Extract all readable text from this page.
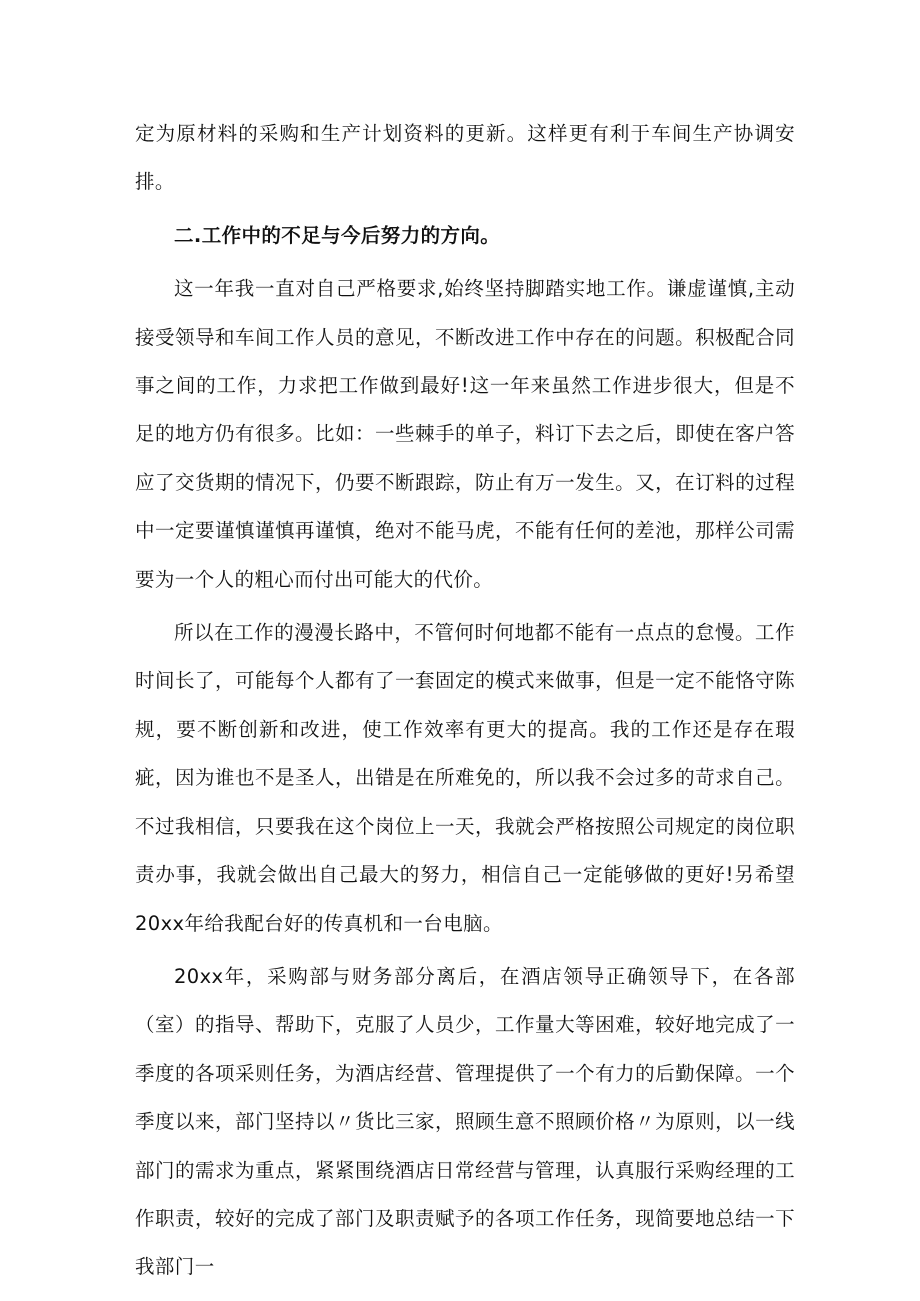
定为原材料的采购和生产计划资料的更新。这样更有利于车间生产协调安排。

二.工作中的不足与今后努力的方向。

这一年我一直对自己严格要求,始终坚持脚踏实地工作。谦虚谨慎,主动接受领导和车间工作人员的意见，不断改进工作中存在的问题。积极配合同事之间的工作，力求把工作做到最好!这一年来虽然工作进步很大，但是不足的地方仍有很多。比如：一些棘手的单子，料订下去之后，即使在客户答应了交货期的情况下，仍要不断跟踪，防止有万一发生。又，在订料的过程中一定要谨慎谨慎再谨慎，绝对不能马虎，不能有任何的差池，那样公司需要为一个人的粗心而付出可能大的代价。

所以在工作的漫漫长路中，不管何时何地都不能有一点点的怠慢。工作时间长了，可能每个人都有了一套固定的模式来做事，但是一定不能恪守陈规，要不断创新和改进，使工作效率有更大的提高。我的工作还是存在瑕疵，因为谁也不是圣人，出错是在所难免的，所以我不会过多的苛求自己。不过我相信，只要我在这个岗位上一天，我就会严格按照公司规定的岗位职责办事，我就会做出自己最大的努力，相信自己一定能够做的更好!另希望20xx年给我配台好的传真机和一台电脑。

20xx年，采购部与财务部分离后，在酒店领导正确领导下，在各部（室）的指导、帮助下，克服了人员少，工作量大等困难，较好地完成了一季度的各项采则任务，为酒店经营、管理提供了一个有力的后勤保障。一个季度以来，部门坚持以〃货比三家，照顾生意不照顾价格〃为原则，以一线部门的需求为重点，紧紧围绕酒店日常经营与管理，认真服行采购经理的工作职责，较好的完成了部门及职责赋予的各项工作任务，现简要地总结一下我部门一
